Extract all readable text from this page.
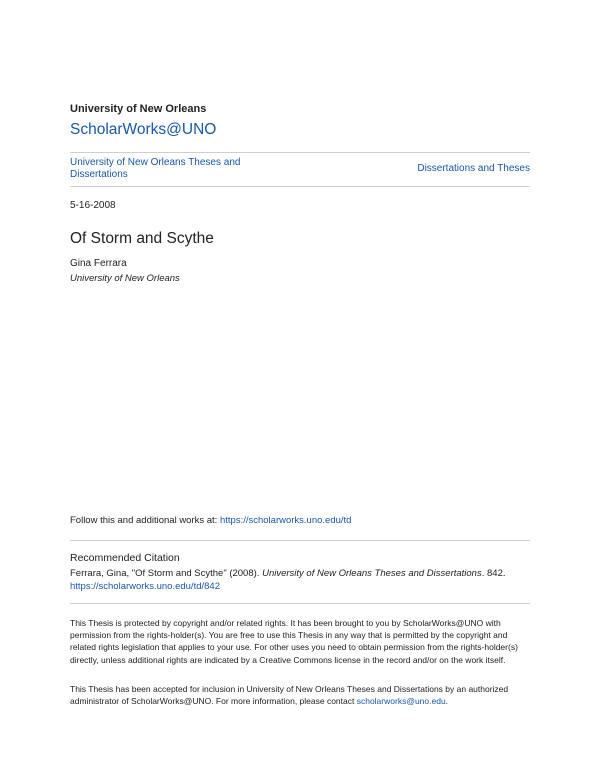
University of New Orleans
ScholarWorks@UNO
University of New Orleans Theses and Dissertations	Dissertations and Theses
5-16-2008
Of Storm and Scythe
Gina Ferrara
University of New Orleans
Follow this and additional works at: https://scholarworks.uno.edu/td
Recommended Citation
Ferrara, Gina, "Of Storm and Scythe" (2008). University of New Orleans Theses and Dissertations. 842.
https://scholarworks.uno.edu/td/842
This Thesis is protected by copyright and/or related rights. It has been brought to you by ScholarWorks@UNO with permission from the rights-holder(s). You are free to use this Thesis in any way that is permitted by the copyright and related rights legislation that applies to your use. For other uses you need to obtain permission from the rights-holder(s) directly, unless additional rights are indicated by a Creative Commons license in the record and/or on the work itself.
This Thesis has been accepted for inclusion in University of New Orleans Theses and Dissertations by an authorized administrator of ScholarWorks@UNO. For more information, please contact scholarworks@uno.edu.
